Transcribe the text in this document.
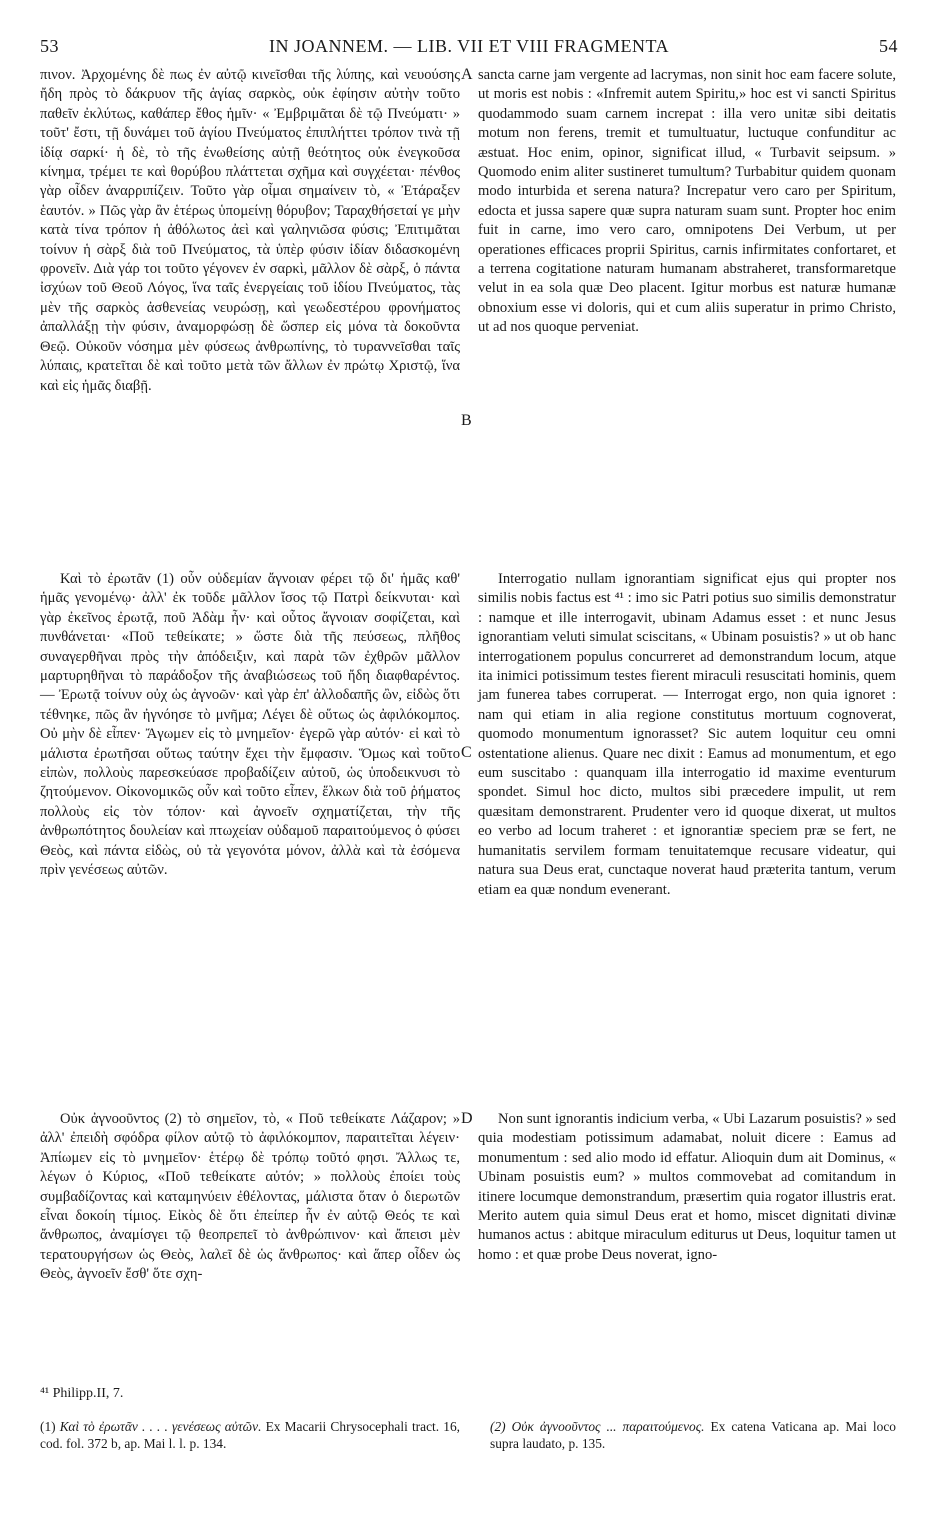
53	IN JOANNEM. — LIB. VII ET VIII FRAGMENTA	54

πινον. Ἀρχομένης δὲ πως ἐν αὐτῷ κινεῖσθαι τῆς λύπης, καὶ νευούσης ἤδη πρὸς τὸ δάκρυον τῆς ἁγίας σαρκὸς, οὐκ ἐφίησιν αὐτὴν τοῦτο παθεῖν ἐκλύτως, καθάπερ ἔθος ἡμῖν· « Ἐμβριμᾶται δὲ τῷ Πνεύματι· » τοῦτ' ἔστι, τῇ δυνάμει τοῦ ἁγίου Πνεύματος ἐπιπλήττει τρόπον τινὰ τῇ ἰδίᾳ σαρκί· ἡ δὲ, τὸ τῆς ἐνωθείσης αὐτῇ θεότητος οὐκ ἐνεγκοῦσα κίνημα, τρέμει τε καὶ θορύβου πλάττεται σχῆμα καὶ συγχέεται· πένθος γὰρ οἶδεν ἀναρριπίζειν. Τοῦτο γὰρ οἶμαι σημαίνειν τὸ, « Ἐτάραξεν ἑαυτόν. » Πῶς γὰρ ἂν ἑτέρως ὑπομείνῃ θόρυβον; Ταραχθήσεταί γε μὴν κατὰ τίνα τρόπον ἡ ἀθόλωτος ἀεὶ καὶ γαληνιῶσα φύσις; Ἐπιτιμᾶται τοίνυν ἡ σὰρξ διὰ τοῦ Πνεύματος, τὰ ὑπὲρ φύσιν ἰδίαν διδασκομένη φρονεῖν. Διὰ γάρ τοι τοῦτο γέγονεν ἐν σαρκὶ, μᾶλλον δὲ σὰρξ, ὁ πάντα ἰσχύων τοῦ Θεοῦ Λόγος, ἵνα ταῖς ἐνεργείαις τοῦ ἰδίου Πνεύματος, τὰς μὲν τῆς σαρκὸς ἀσθενείας νευρώσῃ, καὶ γεωδεστέρου φρονήματος ἀπαλλάξῃ τὴν φύσιν, ἀναμορφώσῃ δὲ ὥσπερ εἰς μόνα τὰ δοκοῦντα Θεῷ. Οὐκοῦν νόσημα μὲν φύσεως ἀνθρωπίνης, τὸ τυραννεῖσθαι ταῖς λύπαις, κρατεῖται δὲ καὶ τοῦτο μετὰ τῶν ἄλλων ἐν πρώτῳ Χριστῷ, ἵνα καὶ εἰς ἡμᾶς διαβῇ.

sancta carne jam vergente ad lacrymas, non sinit hoc eam facere solute, ut moris est nobis : «Infremit autem Spiritu,» hoc est vi sancti Spiritus quodammodo suam carnem increpat : illa vero unitæ sibi deitatis motum non ferens, tremit et tumultuatur, luctuque confunditur ac æstuat. Hoc enim, opinor, significat illud, « Turbavit seipsum. » Quomodo enim aliter sustineret tumultum? Turbabitur quidem quonam modo inturbida et serena natura? Increpatur vero caro per Spiritum, edocta et jussa sapere quæ supra naturam suam sunt. Propter hoc enim fuit in carne, imo vero caro, omnipotens Dei Verbum, ut per operationes efficaces proprii Spiritus, carnis infirmitates confortaret, et a terrena cogitatione naturam humanam abstraheret, transformaretque velut in ea sola quæ Deo placent. Igitur morbus est naturæ humanæ obnoxium esse vi doloris, qui et cum aliis superatur in primo Christo, ut ad nos quoque perveniat.

A
B

Καὶ τὸ ἐρωτᾶν (1) οὖν οὐδεμίαν ἄγνοιαν φέρει τῷ δι' ἡμᾶς καθ' ἡμᾶς γενομένῳ· ἀλλ' ἐκ τοῦδε μᾶλλον ἴσος τῷ Πατρὶ δείκνυται· καὶ γὰρ ἐκεῖνος ἐρωτᾷ, ποῦ Ἀδὰμ ἦν· καὶ οὗτος ἄγνοιαν σοφίζεται, καὶ πυνθάνεται· «Ποῦ τεθείκατε; » ὥστε διὰ τῆς πεύσεως, πλῆθος συναγερθῆναι πρὸς τὴν ἀπόδειξιν, καὶ παρὰ τῶν ἐχθρῶν μᾶλλον μαρτυρηθῆναι τὸ παράδοξον τῆς ἀναβιώσεως τοῦ ἤδη διαφθαρέντος. — Ἐρωτᾷ τοίνυν οὐχ ὡς ἀγνοῶν· καὶ γὰρ ἐπ' ἀλλοδαπῆς ὢν, εἰδὼς ὅτι τέθνηκε, πῶς ἂν ἠγνόησε τὸ μνῆμα; Λέγει δὲ οὕτως ὡς ἀφιλόκομπος. Οὐ μὴν δὲ εἶπεν· Ἄγωμεν εἰς τὸ μνημεῖον· ἐγερῶ γὰρ αὐτόν· εἰ καὶ τὸ μάλιστα ἐρωτῆσαι οὕτως ταύτην ἔχει τὴν ἔμφασιν. Ὅμως καὶ τοῦτο εἰπὼν, πολλοὺς παρεσκεύασε προβαδίζειν αὐτοῦ, ὡς ὑποδεικνυσι τὸ ζητούμενον. Οἰκονομικῶς οὖν καὶ τοῦτο εἶπεν, ἕλκων διὰ τοῦ ῥήματος πολλοὺς εἰς τὸν τόπον· καὶ ἀγνοεῖν σχηματίζεται, τὴν τῆς ἀνθρωπότητος δουλείαν καὶ πτωχείαν οὐδαμοῦ παραιτούμενος ὁ φύσει Θεὸς, καὶ πάντα εἰδὼς, οὐ τὰ γεγονότα μόνον, ἀλλὰ καὶ τὰ ἐσόμενα πρὶν γενέσεως αὐτῶν.

Interrogatio nullam ignorantiam significat ejus qui propter nos similis nobis factus est ⁴¹ : imo sic Patri potius suo similis demonstratur : namque et ille interrogavit, ubinam Adamus esset : et nunc Jesus ignorantiam veluti simulat sciscitans, « Ubinam posuistis? » ut ob hanc interrogationem populus concurreret ad demonstrandum locum, atque ita inimici potissimum testes fierent miraculi resuscitati hominis, quem jam funerea tabes corruperat. — Interrogat ergo, non quia ignoret : nam qui etiam in alia regione constitutus mortuum cognoverat, quomodo monumentum ignorasset? Sic autem loquitur ceu omni ostentatione alienus. Quare nec dixit : Eamus ad monumentum, et ego eum suscitabo : quanquam illa interrogatio id maxime eventurum spondet. Simul hoc dicto, multos sibi præcedere impulit, ut rem quæsitam demonstrarent. Prudenter vero id quoque dixerat, ut multos eo verbo ad locum traheret : et ignorantiæ speciem præ se fert, ne humanitatis servilem formam tenuitatemque recusare videatur, qui natura sua Deus erat, cunctaque noverat haud præterita tantum, verum etiam ea quæ nondum evenerant.

C

Οὐκ ἀγνοοῦντος (2) τὸ σημεῖον, τὸ, « Ποῦ τεθείκατε Λάζαρον; » ἀλλ' ἐπειδὴ σφόδρα φίλον αὐτῷ τὸ ἀφιλόκομπον, παραιτεῖται λέγειν· Ἀπίωμεν εἰς τὸ μνημεῖον· ἑτέρῳ δὲ τρόπῳ τοῦτό φησι. Ἄλλως τε, λέγων ὁ Κύριος, «Ποῦ τεθείκατε αὐτόν; » πολλοὺς ἐποίει τοὺς συμβαδίζοντας καὶ καταμηνύειν ἐθέλοντας, μάλιστα ὅταν ὁ διερωτῶν εἶναι δοκοίη τίμιος. Εἰκὸς δὲ ὅτι ἐπείπερ ἦν ἐν αὐτῷ Θεός τε καὶ ἄνθρωπος, ἀναμίσγει τῷ θεοπρεπεῖ τὸ ἀνθρώπινον· καὶ ἄπεισι μὲν τερατουργήσων ὡς Θεὸς, λαλεῖ δὲ ὡς ἄνθρωπος· καὶ ἅπερ οἶδεν ὡς Θεὸς, ἀγνοεῖν ἔσθ' ὅτε σχη-

Non sunt ignorantis indicium verba, « Ubi Lazarum posuistis? » sed quia modestiam potissimum adamabat, noluit dicere : Eamus ad monumentum : sed alio modo id effatur. Alioquin dum ait Dominus, « Ubinam posuistis eum? » multos commovebat ad comitandum in itinere locumque demonstrandum, præsertim quia rogator illustris erat. Merito autem quia simul Deus erat et homo, miscet dignitati divinæ humanos actus : abitque miraculum editurus ut Deus, loquitur tamen ut homo : et quæ probe Deus noverat, igno-

D
⁴¹ Philipp.II, 7.
(1) Καὶ τὸ ἐρωτᾶν . . . . γενέσεως αὐτῶν. Ex Macarii Chrysocephali tract. 16, cod. fol. 372 b, ap. Mai l. l. p. 134.
(2) Οὐκ ἀγνοοῦντος ... παραιτούμενος. Ex catena Vaticana ap. Mai loco supra laudato, p. 135.
